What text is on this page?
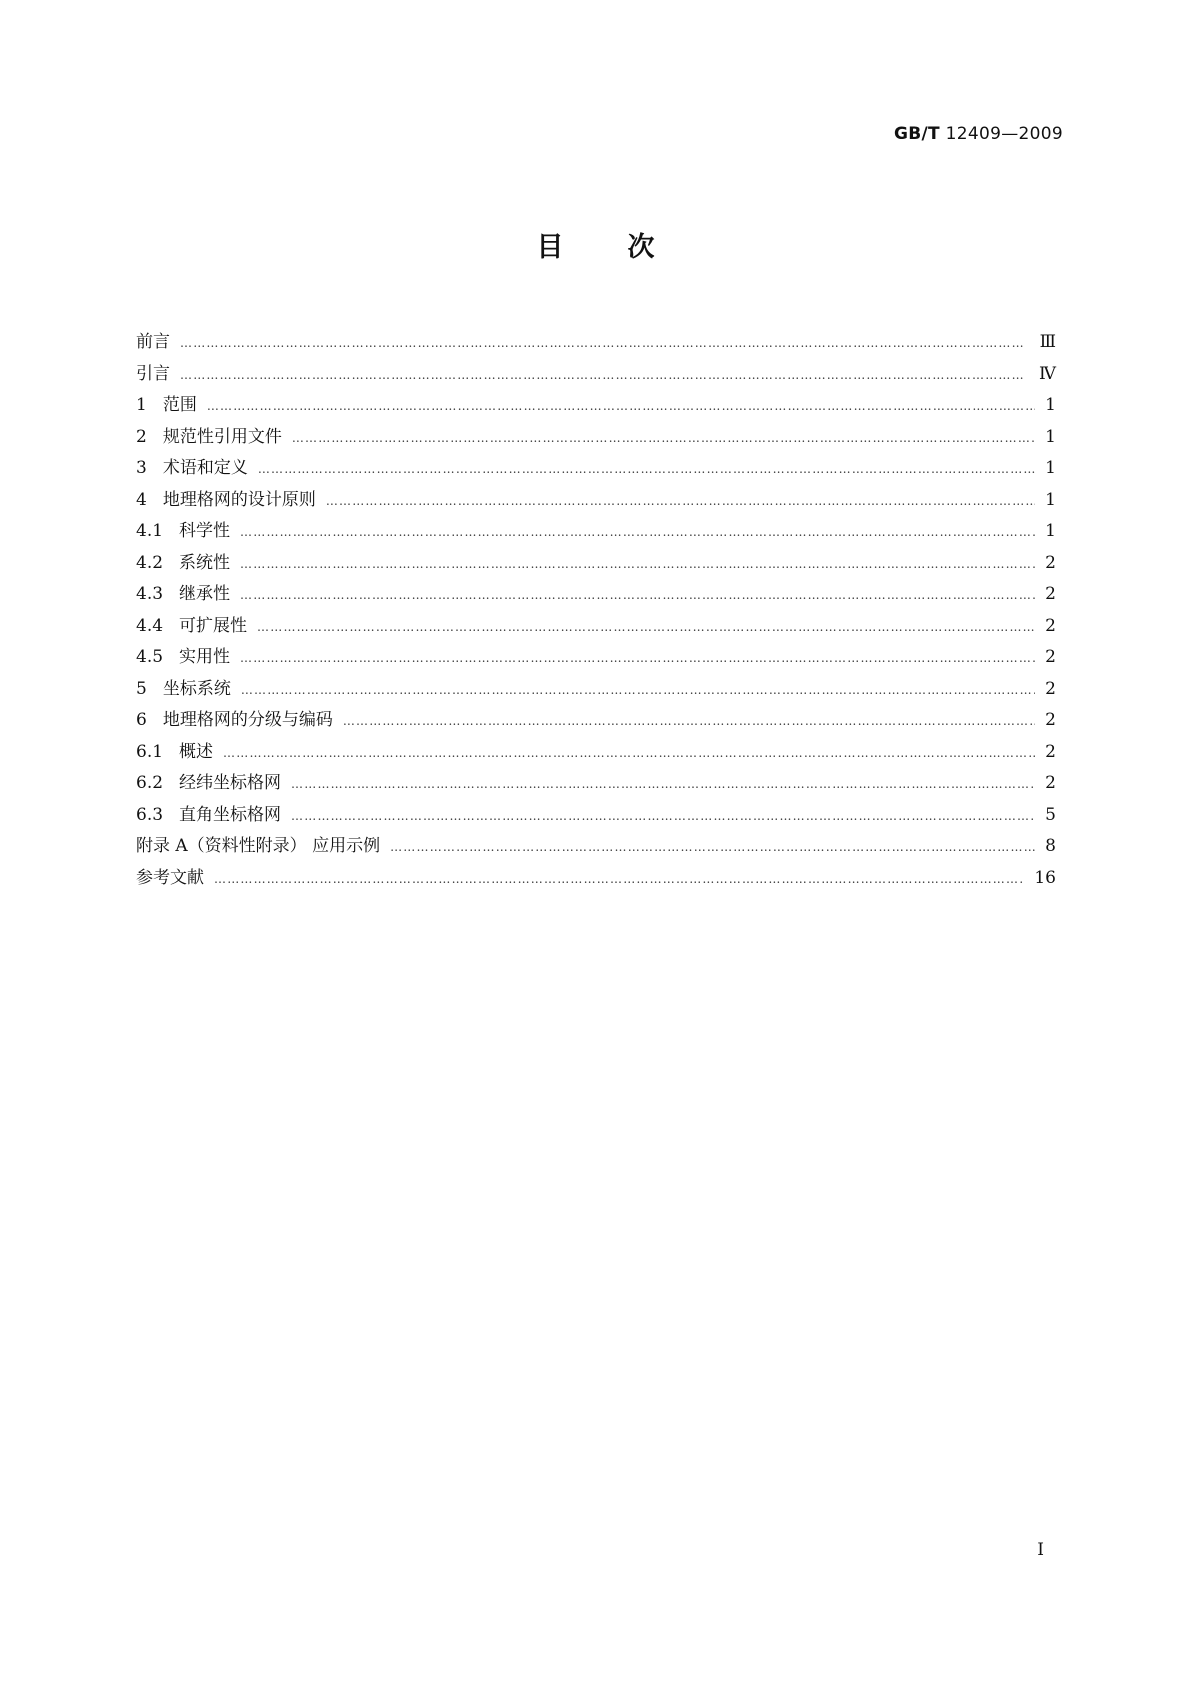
GB/T 12409—2009
目次
前言 …………………………………………………………………………………………………………………………………………………………………………	Ⅲ
引言 …………………………………………………………………………………………………………………………………………………………………………	Ⅳ
1 范围 …………………………………………………………………………………………………………………………………………………………………………	1
2 规范性引用文件 …………………………………………………………………………………………………………………………………………………………………………	1
3 术语和定义 …………………………………………………………………………………………………………………………………………………………………………	1
4 地理格网的设计原则 …………………………………………………………………………………………………………………………………………………………………………	1
4.1 科学性 …………………………………………………………………………………………………………………………………………………………………………	1
4.2 系统性 …………………………………………………………………………………………………………………………………………………………………………	2
4.3 继承性 …………………………………………………………………………………………………………………………………………………………………………	2
4.4 可扩展性 …………………………………………………………………………………………………………………………………………………………………………	2
4.5 实用性 …………………………………………………………………………………………………………………………………………………………………………	2
5 坐标系统 …………………………………………………………………………………………………………………………………………………………………………	2
6 地理格网的分级与编码 …………………………………………………………………………………………………………………………………………………………………………	2
6.1 概述 …………………………………………………………………………………………………………………………………………………………………………	2
6.2 经纬坐标格网 …………………………………………………………………………………………………………………………………………………………………………	2
6.3 直角坐标格网 …………………………………………………………………………………………………………………………………………………………………………	5
附录 A（资料性附录） 应用示例 …………………………………………………………………………………………………………………………………………………………………………	8
参考文献 …………………………………………………………………………………………………………………………………………………………………………	16
I
